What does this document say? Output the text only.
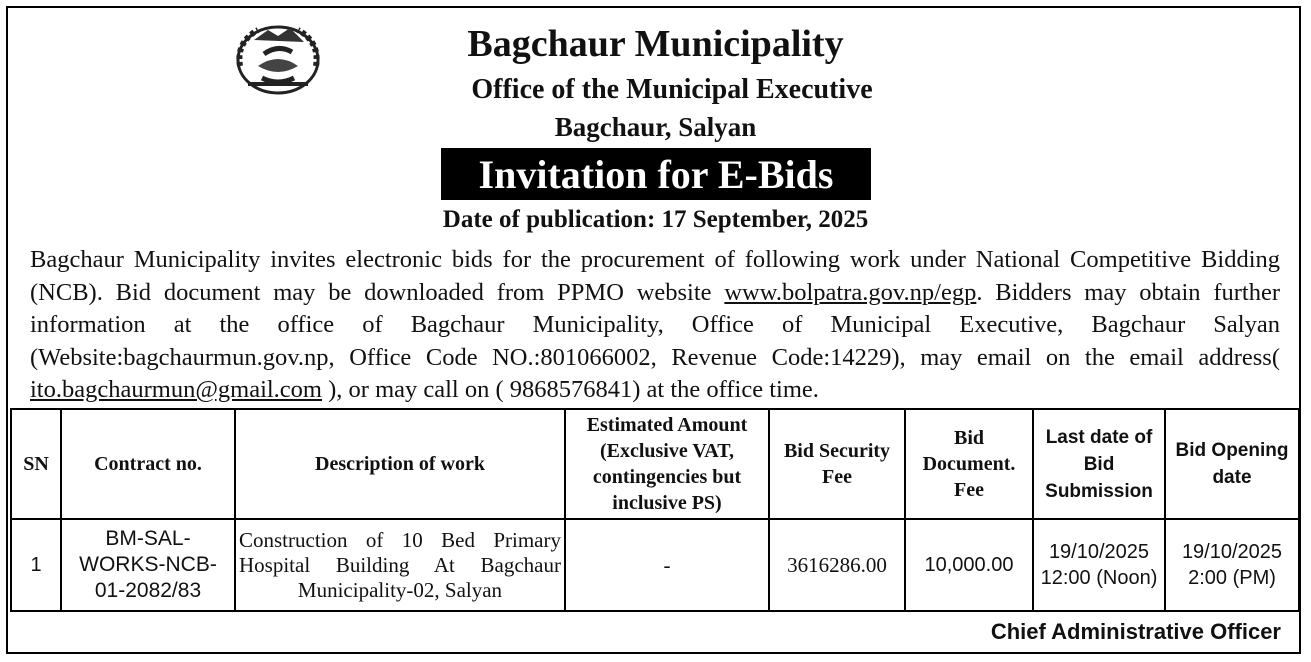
Bagchaur Municipality
Office of the Municipal Executive
Bagchaur, Salyan
Invitation for E-Bids
Date of publication: 17 September, 2025
Bagchaur Municipality invites electronic bids for the procurement of following work under National Competitive Bidding (NCB). Bid document may be downloaded from PPMO website www.bolpatra.gov.np/egp. Bidders may obtain further information at the office of Bagchaur Municipality, Office of Municipal Executive, Bagchaur Salyan (Website:bagchaurmun.gov.np, Office Code NO.:801066002, Revenue Code:14229), may email on the email address( ito.bagchaurmun@gmail.com ), or may call on ( 9868576841) at the office time.
SN	Contract no.	Description of work	Estimated Amount (Exclusive VAT, contingencies but inclusive PS)	Bid Security Fee	Bid Document. Fee	Last date of Bid Submission	Bid Opening date
1	BM-SAL-WORKS-NCB-01-2082/83	Construction of 10 Bed Primary Hospital Building At Bagchaur Municipality-02, Salyan	-	3616286.00	10,000.00	19/10/2025 12:00 (Noon)	19/10/2025 2:00 (PM)
Chief Administrative Officer
